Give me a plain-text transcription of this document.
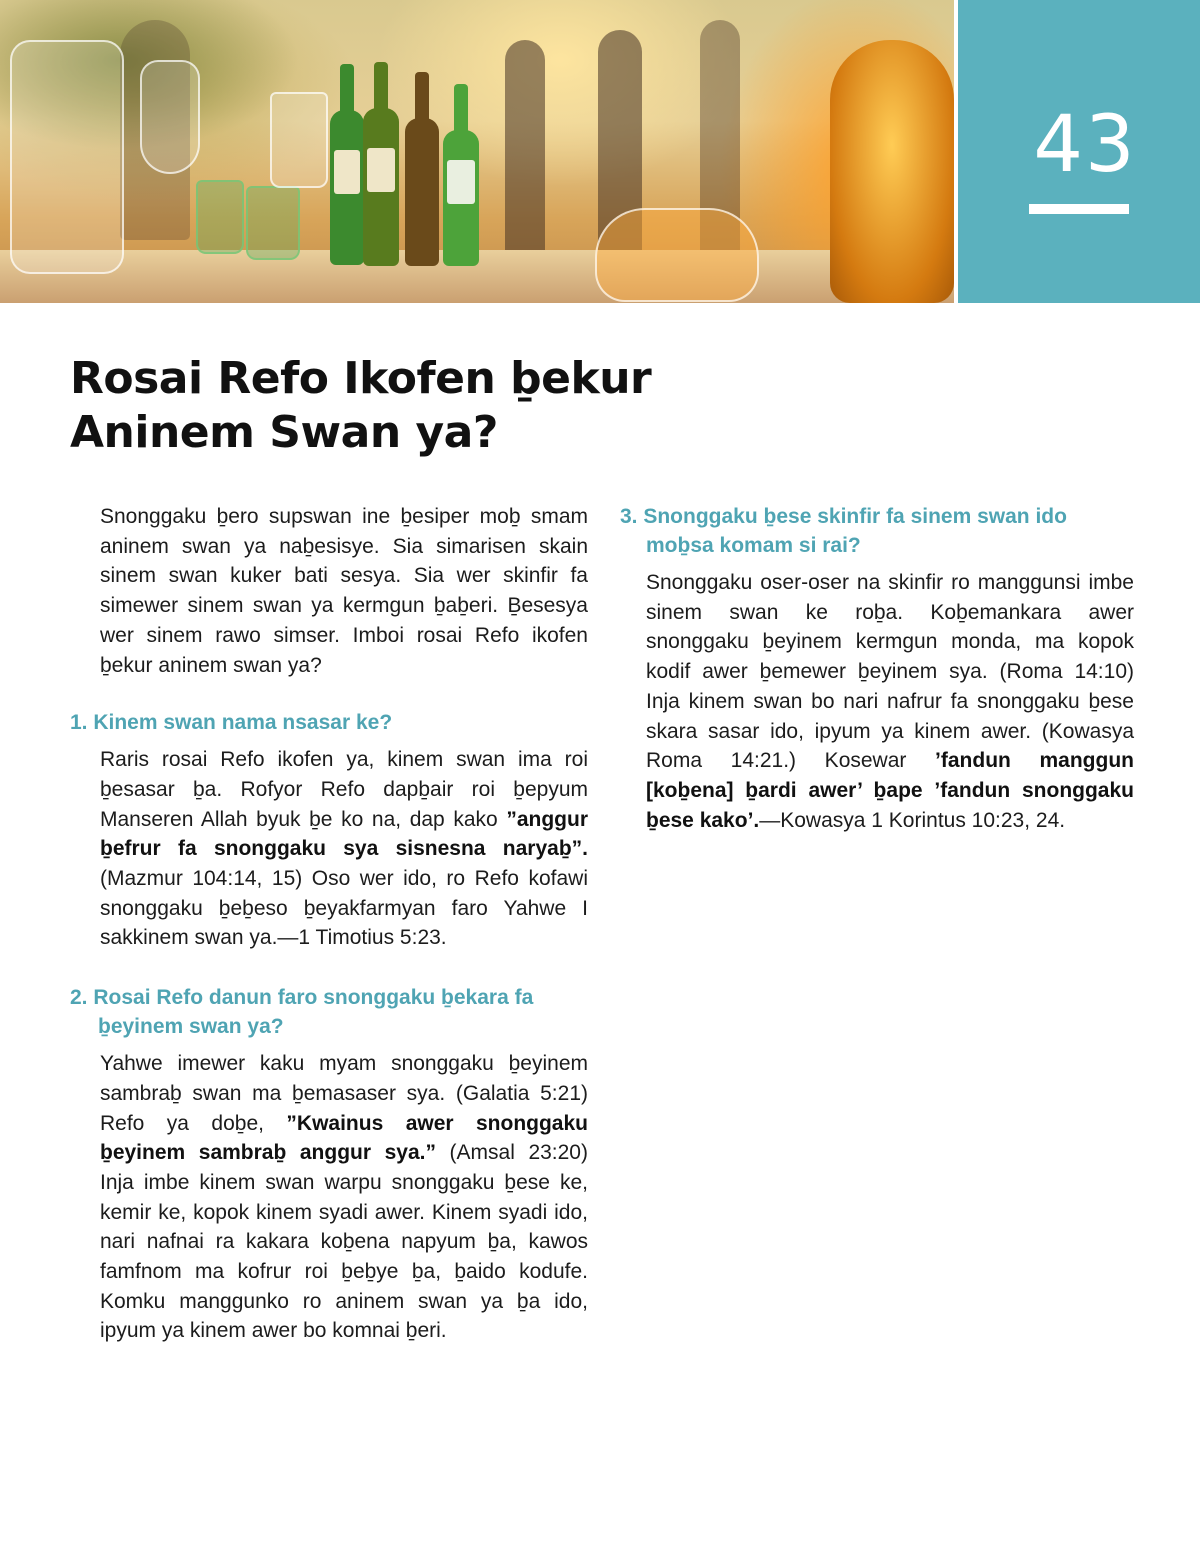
43
Rosai Refo Ikofen ḇekur
Aninem Swan ya?

Snonggaku ḇero supswan ine ḇesiper moḇ smam aninem swan ya naḇesisye. Sia simarisen skain sinem swan kuker bati sesya. Sia wer skinfir fa simewer sinem swan ya kermgun ḇaḇeri. Ḇesesya wer sinem rawo simser. Imboi rosai Refo ikofen ḇekur aninem swan ya?

1. Kinem swan nama nsasar ke?

Raris rosai Refo ikofen ya, kinem swan ima roi ḇesasar ḇa. Rofyor Refo dapḇair roi ḇepyum Manseren Allah byuk ḇe ko na, dap kako ”anggur ḇefrur fa snonggaku sya sisnesna naryaḇ”. (Mazmur 104:14, 15) Oso wer ido, ro Refo kofawi snonggaku ḇeḇeso ḇeyakfarmyan faro Yahwe I sakkinem swan ya.—1 Timotius 5:23.

2. Rosai Refo danun faro snonggaku ḇekara fa ḇeyinem swan ya?

Yahwe imewer kaku myam snonggaku ḇeyinem sambraḇ swan ma ḇemasaser sya. (Galatia 5:21) Refo ya doḇe, ”Kwainus awer snonggaku ḇeyinem sambraḇ anggur sya.” (Amsal 23:20) Inja imbe kinem swan warpu snonggaku ḇese ke, kemir ke, kopok kinem syadi awer. Kinem syadi ido, nari nafnai ra kakara koḇena napyum ḇa, kawos famfnom ma kofrur roi ḇeḇye ḇa, ḇaido kodufe. Komku manggunko ro aninem swan ya ḇa ido, ipyum ya kinem awer bo komnai ḇeri.

3. Snonggaku ḇese skinfir fa sinem swan ido moḇsa komam si rai?

Snonggaku oser-oser na skinfir ro manggunsi imbe sinem swan ke roḇa. Koḇemankara awer snonggaku ḇeyinem kermgun monda, ma kopok kodif awer ḇemewer ḇeyinem sya. (Roma 14:10) Inja kinem swan bo nari nafrur fa snonggaku ḇese skara sasar ido, ipyum ya kinem awer. (Kowasya Roma 14:21.) Kosewar ’fandun manggun [koḇena] ḇardi awer’ ḇape ’fandun snonggaku ḇese kako’.—Kowasya 1 Korintus 10:23, 24.
